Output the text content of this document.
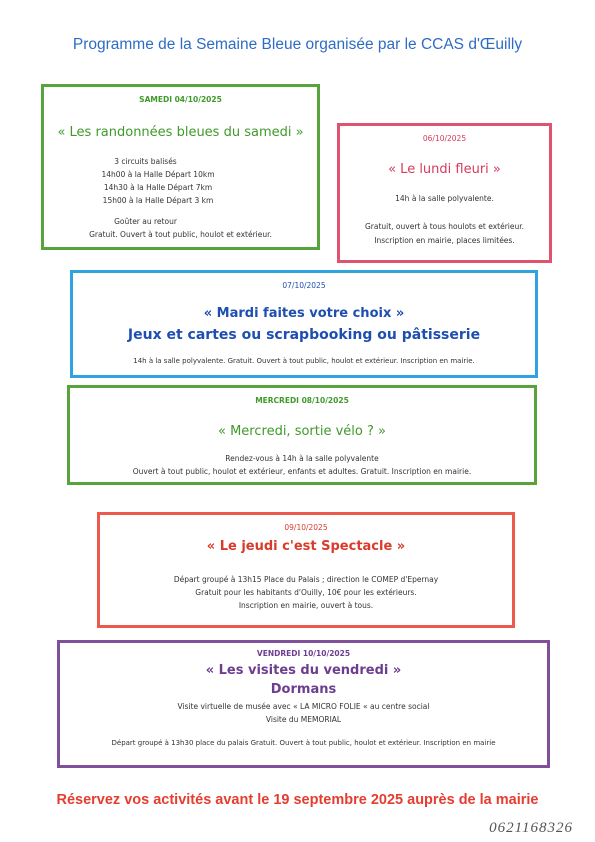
Programme de la Semaine Bleue organisée par le CCAS d'Œuilly
SAMEDI 04/10/2025
« Les randonnées bleues du samedi »
3 circuits balisés
14h00 à la Halle Départ 10km
14h30 à la Halle Départ 7km
15h00 à la Halle Départ 3 km
Goûter au retour
Gratuit. Ouvert à tout public, houlot et extérieur.
06/10/2025
« Le lundi fleuri »
14h à la salle polyvalente.
Gratuit, ouvert à tous houlots et extérieur.
Inscription en mairie, places limitées.
07/10/2025
« Mardi faites votre choix »
Jeux et cartes ou scrapbooking ou pâtisserie
14h à la salle polyvalente. Gratuit. Ouvert à tout public, houlot et extérieur. Inscription en mairie.
MERCREDI 08/10/2025
« Mercredi, sortie vélo ? »
Rendez-vous à 14h à la salle polyvalente
Ouvert à tout public, houlot et extérieur, enfants et adultes. Gratuit. Inscription en mairie.
09/10/2025
« Le jeudi c'est Spectacle »
Départ groupé à 13h15 Place du Palais ; direction le COMEP d'Epernay
Gratuit pour les habitants d'Ouilly, 10€ pour les extérieurs.
Inscription en mairie, ouvert à tous.
VENDREDI 10/10/2025
« Les visites du vendredi »
Dormans
Visite virtuelle de musée avec « LA MICRO FOLIE « au centre social
Visite du MEMORIAL
Départ groupé à 13h30 place du palais Gratuit. Ouvert à tout public, houlot et extérieur. Inscription en mairie
Réservez vos activités avant le 19 septembre 2025 auprès de la mairie
0621168326
